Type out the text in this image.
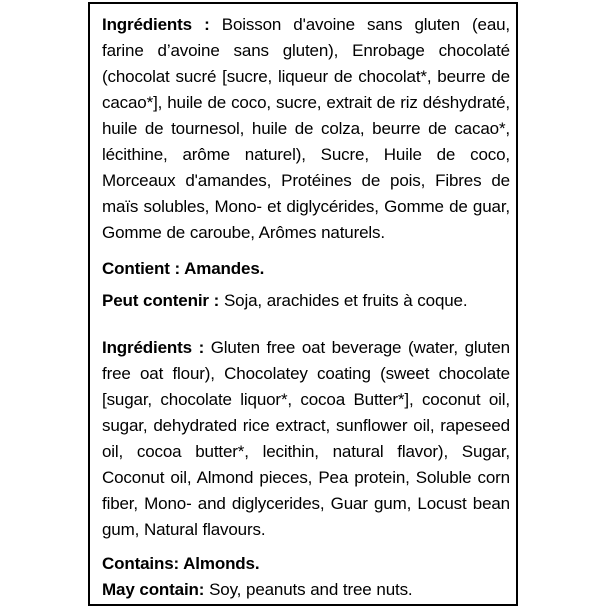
Ingrédients : Boisson d'avoine sans gluten (eau, farine d’avoine sans gluten), Enrobage chocolaté (chocolat sucré [sucre, liqueur de chocolat*, beurre de cacao*], huile de coco, sucre, extrait de riz déshydraté, huile de tournesol, huile de colza, beurre de cacao*, lécithine, arôme naturel), Sucre, Huile de coco, Morceaux d'amandes, Protéines de pois, Fibres de maïs solubles, Mono- et diglycérides, Gomme de guar, Gomme de caroube, Arômes naturels.

Contient : Amandes.

Peut contenir : Soja, arachides et fruits à coque.

Ingrédients : Gluten free oat beverage (water, gluten free oat flour), Chocolatey coating (sweet chocolate [sugar, chocolate liquor*, cocoa Butter*], coconut oil, sugar, dehydrated rice extract, sunflower oil, rapeseed oil, cocoa butter*, lecithin, natural flavor), Sugar, Coconut oil, Almond pieces, Pea protein, Soluble corn fiber, Mono- and diglycerides, Guar gum, Locust bean gum, Natural flavours.

Contains: Almonds.

May contain: Soy, peanuts and tree nuts.
